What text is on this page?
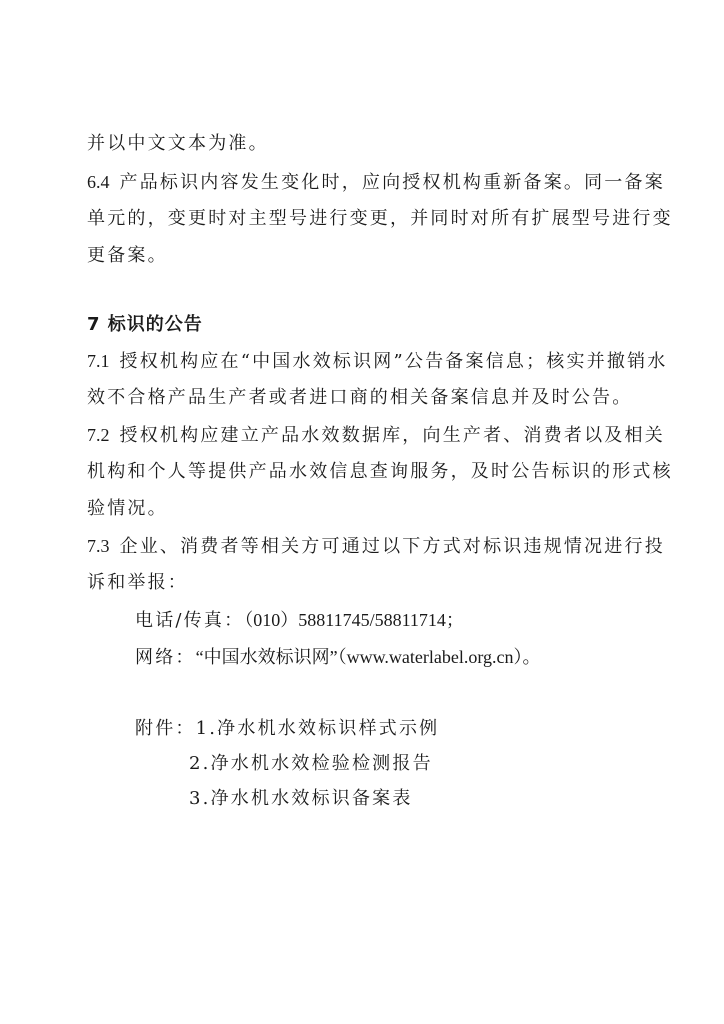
并以中文文本为准。
6.4 产品标识内容发生变化时，应向授权机构重新备案。同一备案
单元的，变更时对主型号进行变更，并同时对所有扩展型号进行变
更备案。
7 标识的公告
7.1 授权机构应在“中国水效标识网”公告备案信息；核实并撤销水
效不合格产品生产者或者进口商的相关备案信息并及时公告。
7.2 授权机构应建立产品水效数据库，向生产者、消费者以及相关
机构和个人等提供产品水效信息查询服务，及时公告标识的形式核
验情况。
7.3 企业、消费者等相关方可通过以下方式对标识违规情况进行投
诉和举报：
电话/传真：（010）58811745/58811714；
网络：“中国水效标识网”（www.waterlabel.org.cn）。
附件：1.净水机水效标识样式示例
2.净水机水效检验检测报告
3.净水机水效标识备案表
